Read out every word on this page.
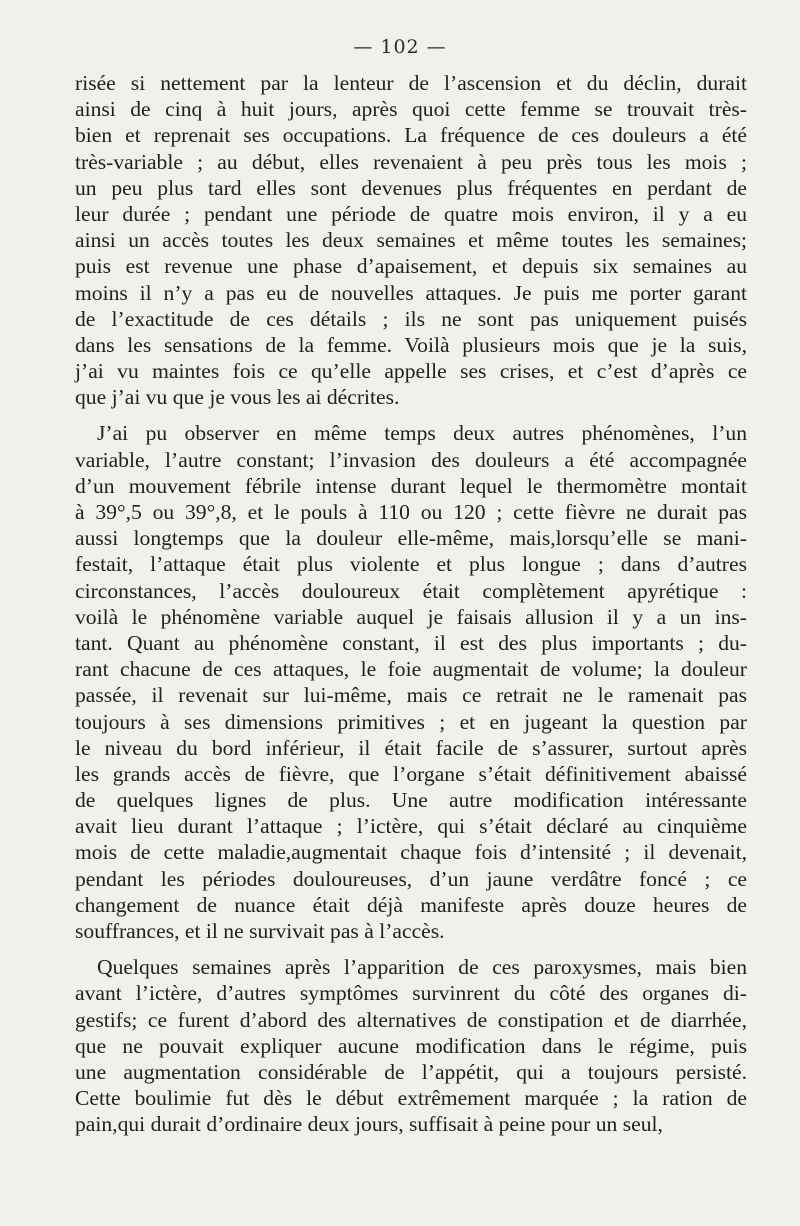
— 102 —
risée si nettement par la lenteur de l’ascension et du déclin, durait
ainsi de cinq à huit jours, après quoi cette femme se trouvait très-
bien et reprenait ses occupations. La fréquence de ces douleurs a été
très-variable ; au début, elles revenaient à peu près tous les mois ;
un peu plus tard elles sont devenues plus fréquentes en perdant de
leur durée ; pendant une période de quatre mois environ, il y a eu
ainsi un accès toutes les deux semaines et même toutes les semaines;
puis est revenue une phase d’apaisement, et depuis six semaines au
moins il n’y a pas eu de nouvelles attaques. Je puis me porter garant
de l’exactitude de ces détails ; ils ne sont pas uniquement puisés
dans les sensations de la femme. Voilà plusieurs mois que je la suis,
j’ai vu maintes fois ce qu’elle appelle ses crises, et c’est d’après ce
que j’ai vu que je vous les ai décrites.
J’ai pu observer en même temps deux autres phénomènes, l’un
variable, l’autre constant; l’invasion des douleurs a été accompagnée
d’un mouvement fébrile intense durant lequel le thermomètre montait
à 39°,5 ou 39°,8, et le pouls à 110 ou 120 ; cette fièvre ne durait pas
aussi longtemps que la douleur elle-même, mais,lorsqu’elle se mani-
festait, l’attaque était plus violente et plus longue ; dans d’autres
circonstances, l’accès douloureux était complètement apyrétique :
voilà le phénomène variable auquel je faisais allusion il y a un ins-
tant. Quant au phénomène constant, il est des plus importants ; du-
rant chacune de ces attaques, le foie augmentait de volume; la douleur
passée, il revenait sur lui-même, mais ce retrait ne le ramenait pas
toujours à ses dimensions primitives ; et en jugeant la question par
le niveau du bord inférieur, il était facile de s’assurer, surtout après
les grands accès de fièvre, que l’organe s’était définitivement abaissé
de quelques lignes de plus. Une autre modification intéressante
avait lieu durant l’attaque ; l’ictère, qui s’était déclaré au cinquième
mois de cette maladie,augmentait chaque fois d’intensité ; il devenait,
pendant les périodes douloureuses, d’un jaune verdâtre foncé ; ce
changement de nuance était déjà manifeste après douze heures de
souffrances, et il ne survivait pas à l’accès.
Quelques semaines après l’apparition de ces paroxysmes, mais bien
avant l’ictère, d’autres symptômes survinrent du côté des organes di-
gestifs; ce furent d’abord des alternatives de constipation et de diarrhée,
que ne pouvait expliquer aucune modification dans le régime, puis
une augmentation considérable de l’appétit, qui a toujours persisté.
Cette boulimie fut dès le début extrêmement marquée ; la ration de
pain,qui durait d’ordinaire deux jours, suffisait à peine pour un seul,
